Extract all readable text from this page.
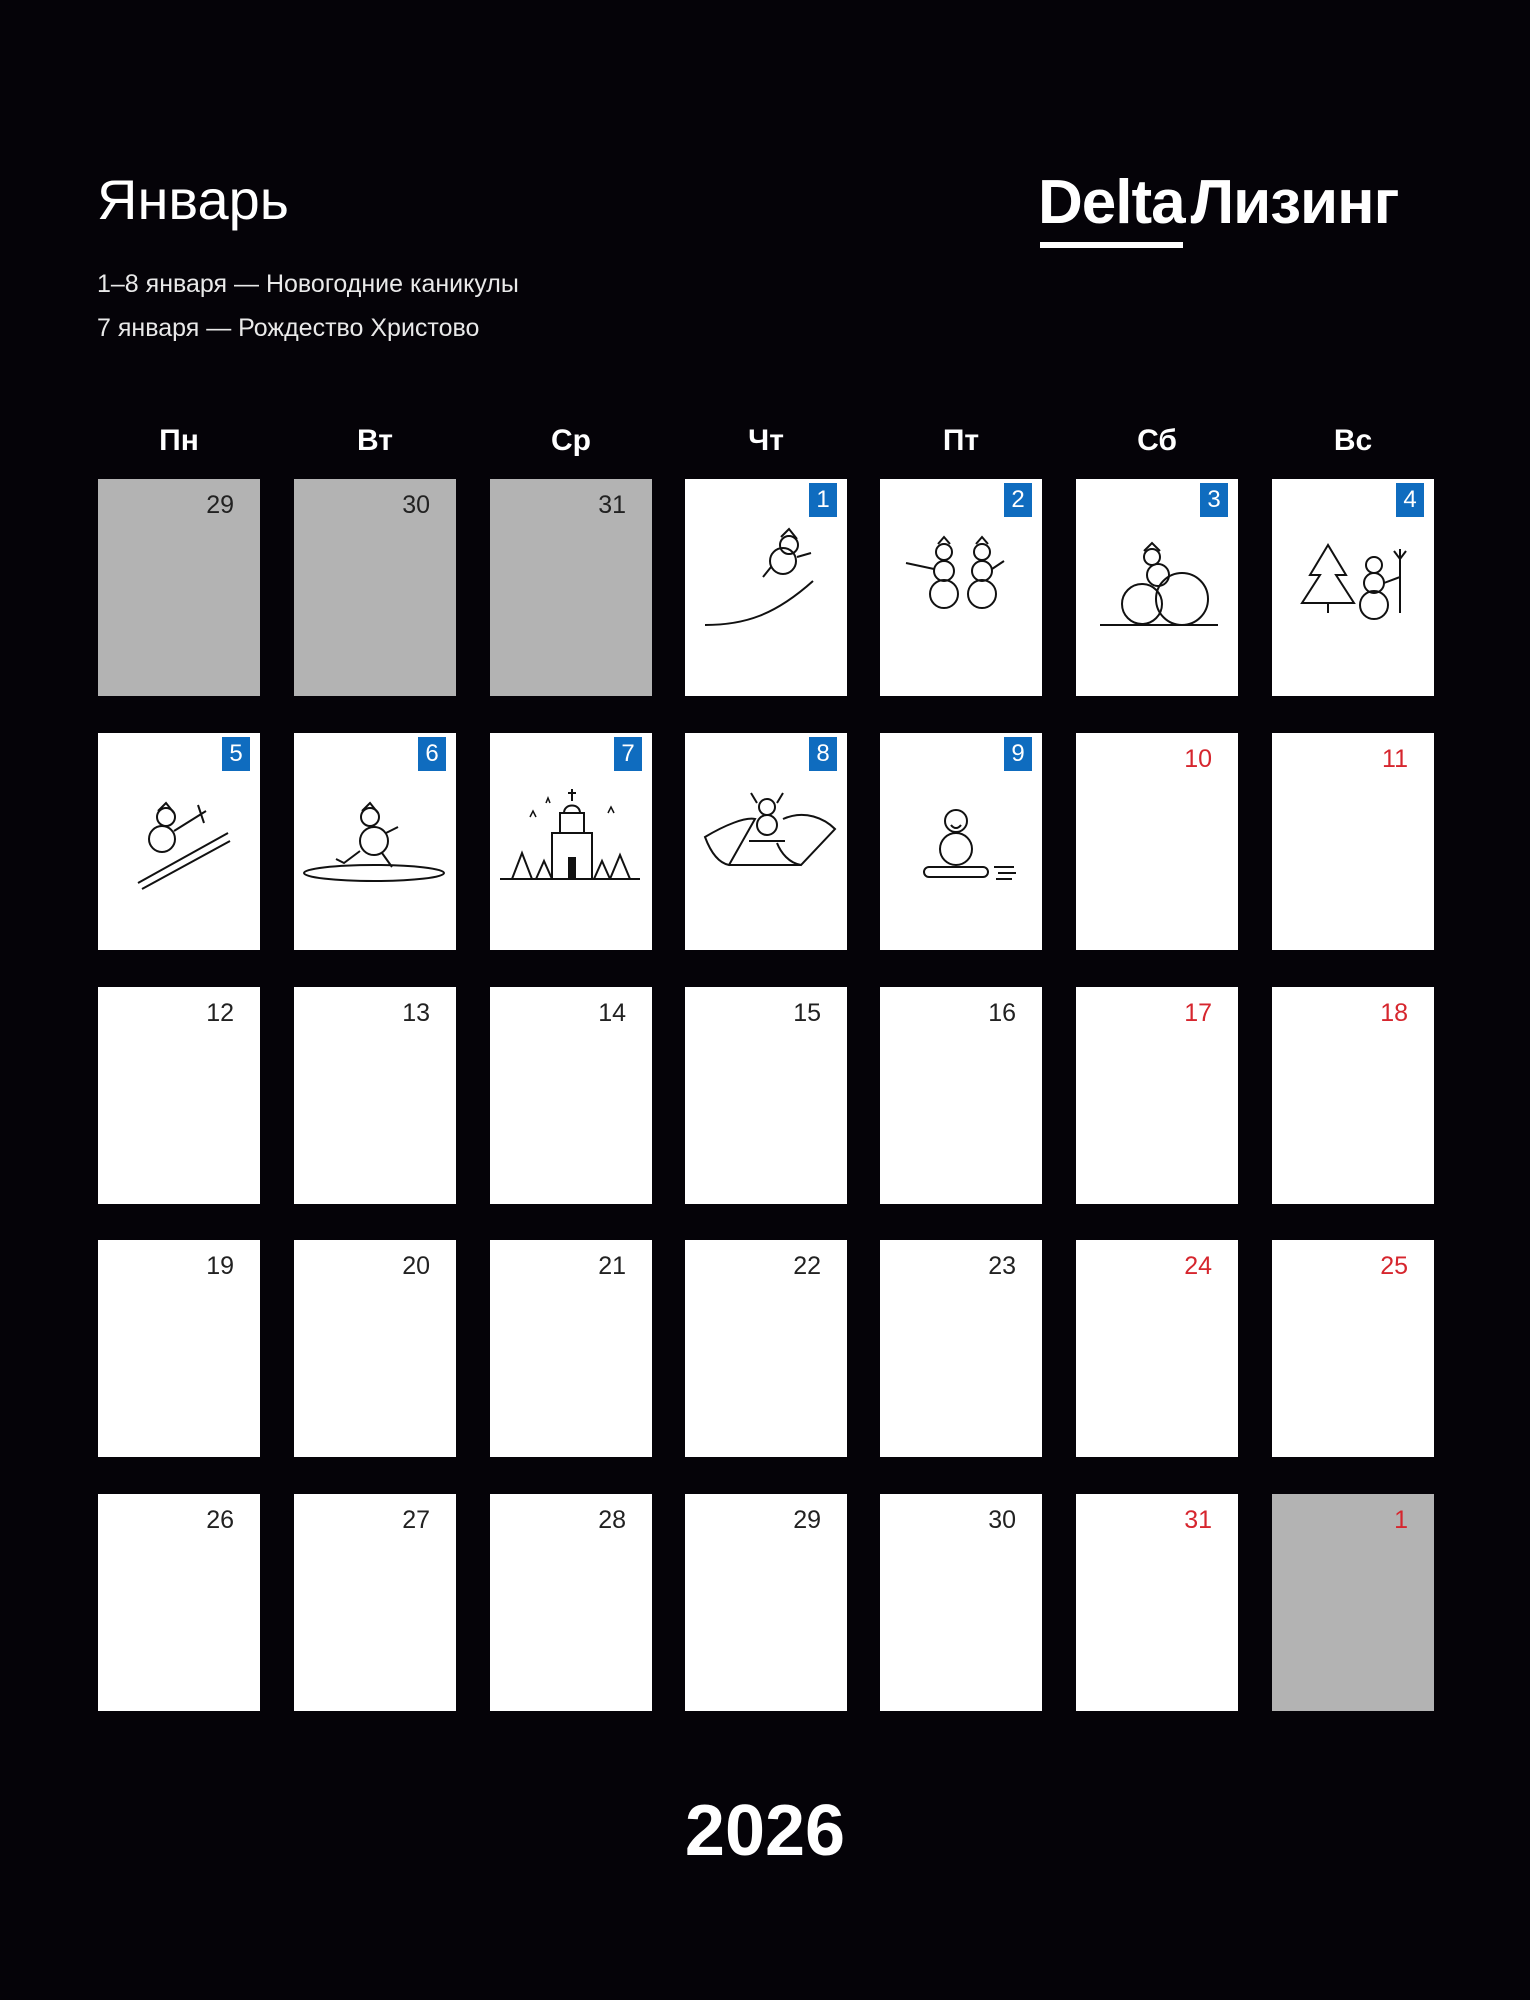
Январь
1–8 января — Новогодние каникулы
7 января — Рождество Христово
Delta Лизинг
Пн	Вт	Ср	Чт	Пт	Сб	Вс
29	30	31	1	2	3	4
5	6	7	8	9	10	11
12	13	14	15	16	17	18
19	20	21	22	23	24	25
26	27	28	29	30	31	1
2026
